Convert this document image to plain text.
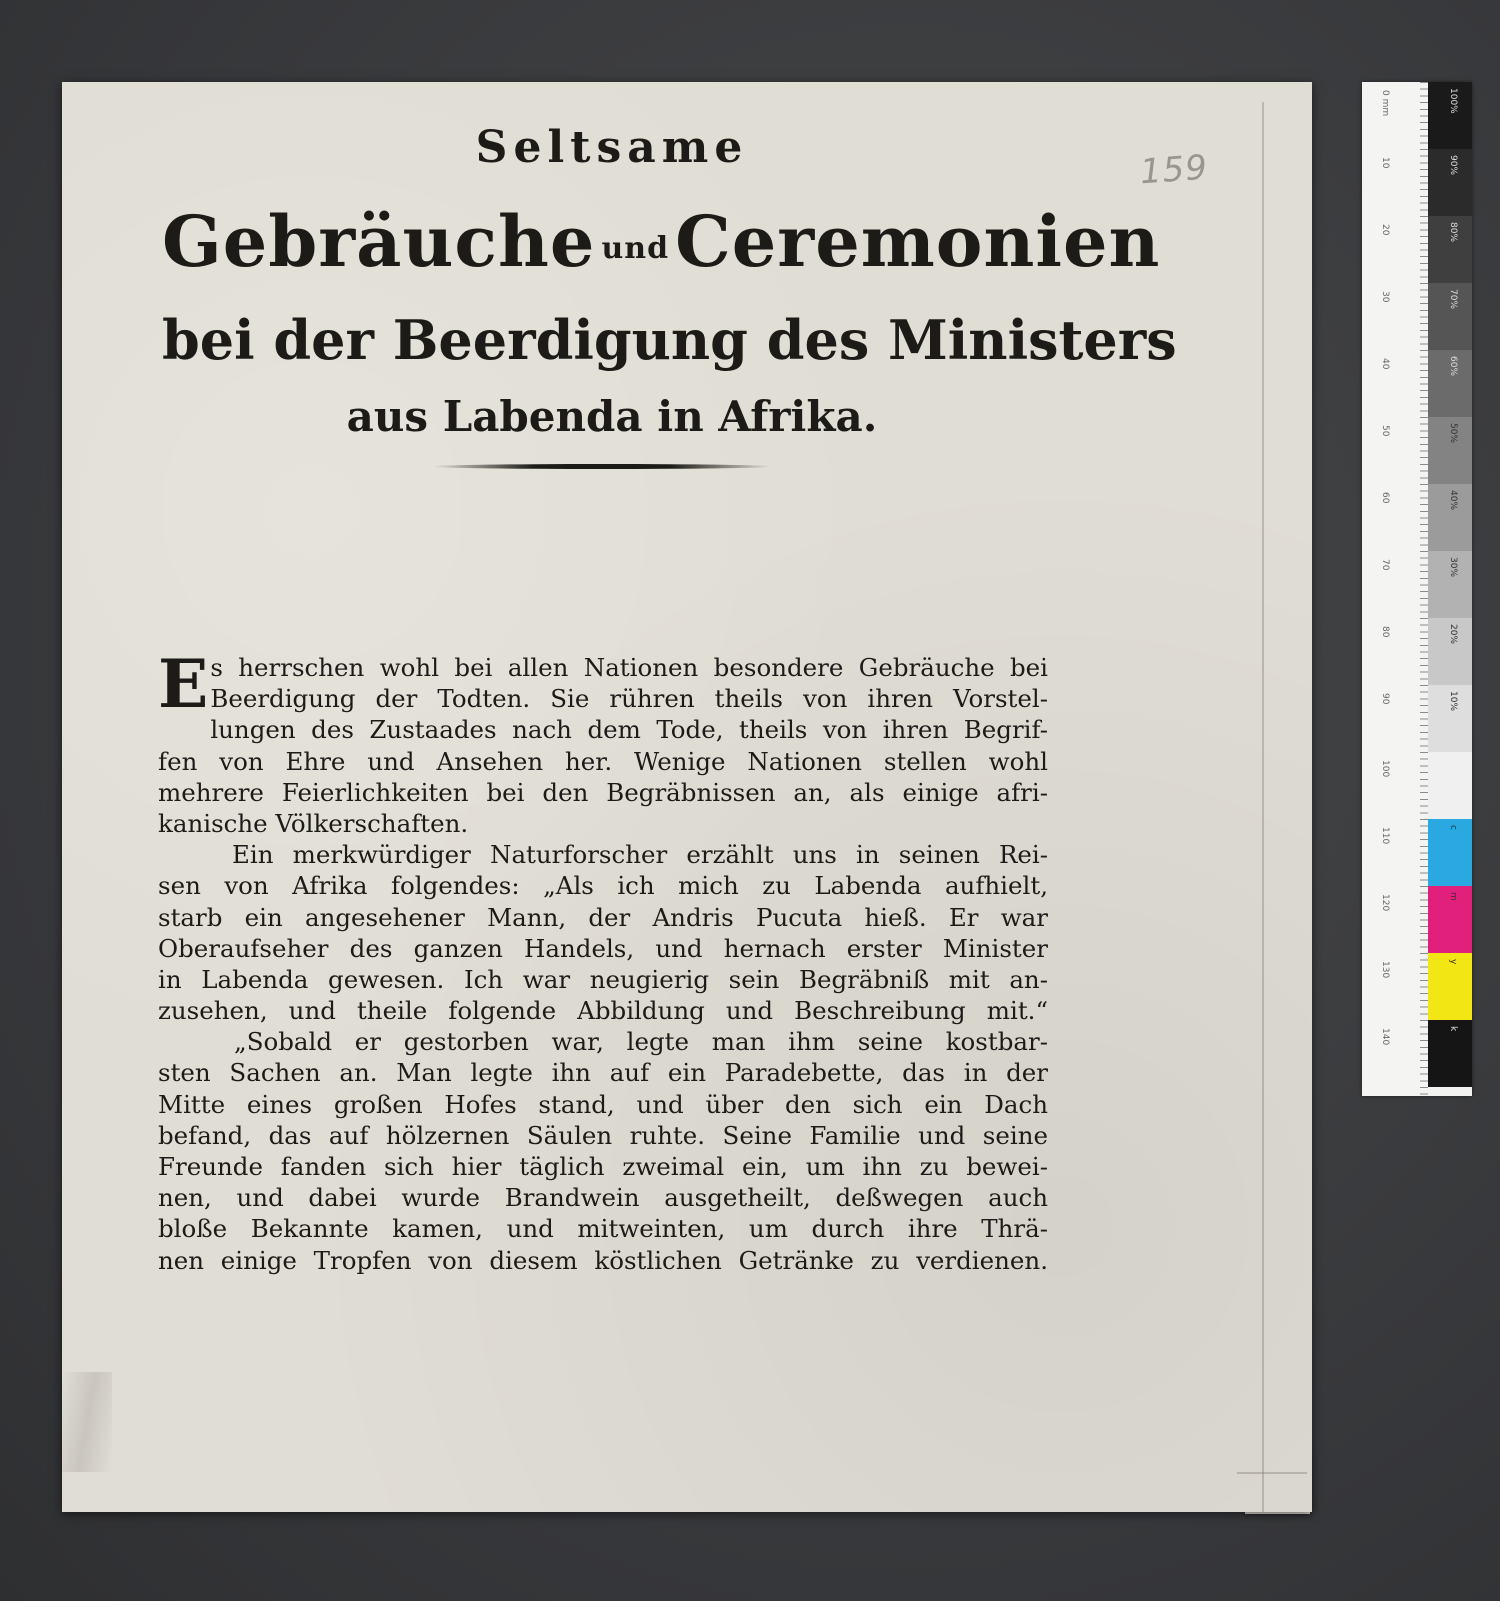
159
Seltsame
Gebräuche undCeremonien
bei der Beerdigung des Ministers
aus Labenda in Afrika.
E s herrschen wohl bei allen Nationen besondere Gebräuche bei
Beerdigung der Todten. Sie rühren theils von ihren Vorstel-
lungen des Zustaades nach dem Tode, theils von ihren Begrif-
fen von Ehre und Ansehen her. Wenige Nationen stellen wohl
mehrere Feierlichkeiten bei den Begräbnissen an, als einige afri-
kanische Völkerschaften.
Ein merkwürdiger Naturforscher erzählt uns in seinen Rei-
sen von Afrika folgendes: „Als ich mich zu Labenda aufhielt,
starb ein angesehener Mann, der Andris Pucuta hieß. Er war
Oberaufseher des ganzen Handels, und hernach erster Minister
in Labenda gewesen. Ich war neugierig sein Begräbniß mit an-
zusehen, und theile folgende Abbildung und Beschreibung mit.“
„Sobald er gestorben war, legte man ihm seine kostbar-
sten Sachen an. Man legte ihn auf ein Paradebette, das in der
Mitte eines großen Hofes stand, und über den sich ein Dach
befand, das auf hölzernen Säulen ruhte. Seine Familie und seine
Freunde fanden sich hier täglich zweimal ein, um ihn zu bewei-
nen, und dabei wurde Brandwein ausgetheilt, deßwegen auch
bloße Bekannte kamen, und mitweinten, um durch ihre Thrä-
nen einige Tropfen von diesem köstlichen Getränke zu verdienen.
0 mm
10
20
30
40
50
60
70
80
90
100
110
120
130
140
100%
90%
80%
70%
60%
50%
40%
30%
20%
10%
c
m
y
k
